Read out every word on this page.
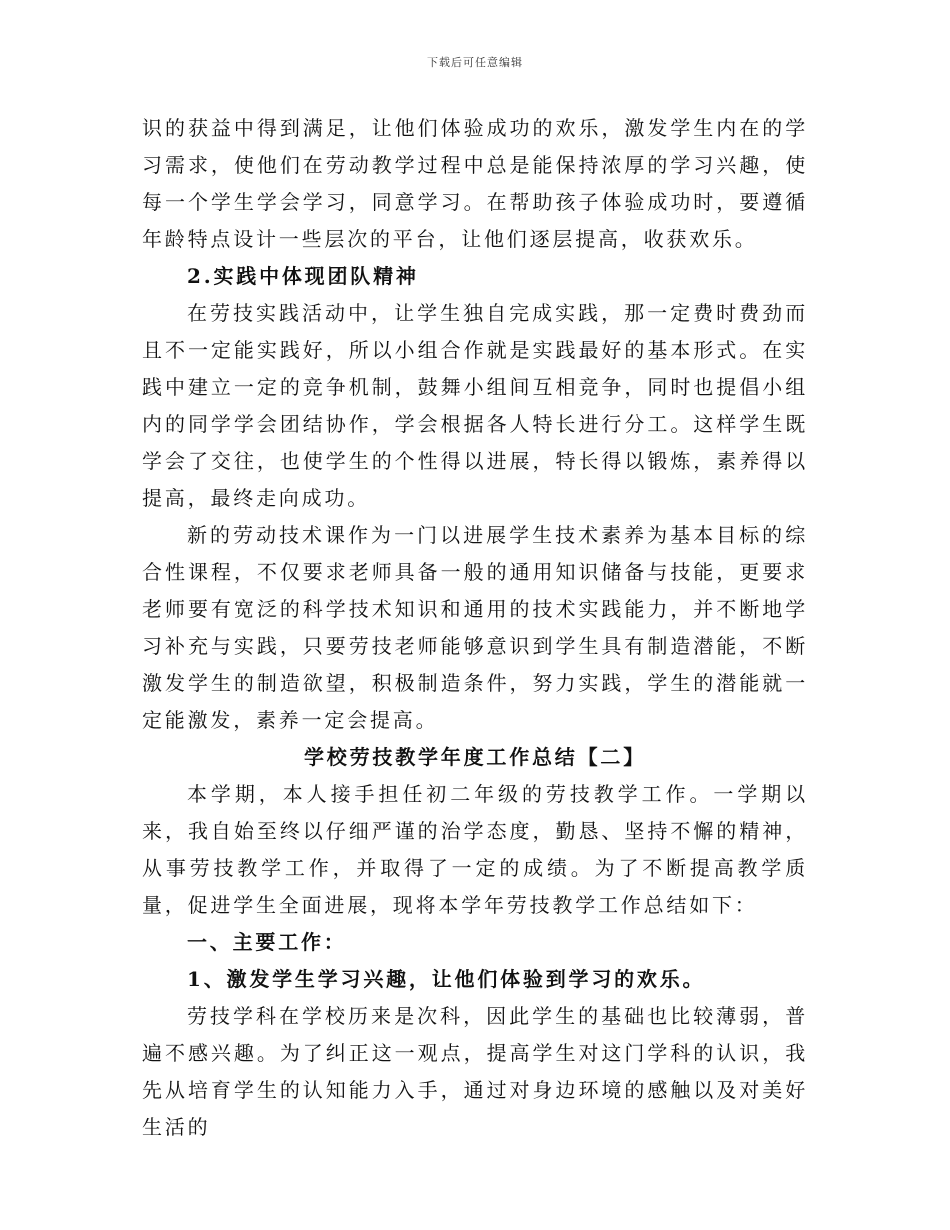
下载后可任意编辑

识的获益中得到满足，让他们体验成功的欢乐，激发学生内在的学习需求，使他们在劳动教学过程中总是能保持浓厚的学习兴趣，使每一个学生学会学习，同意学习。在帮助孩子体验成功时，要遵循年龄特点设计一些层次的平台，让他们逐层提高，收获欢乐。

2.实践中体现团队精神

在劳技实践活动中，让学生独自完成实践，那一定费时费劲而且不一定能实践好，所以小组合作就是实践最好的基本形式。在实践中建立一定的竞争机制，鼓舞小组间互相竞争，同时也提倡小组内的同学学会团结协作，学会根据各人特长进行分工。这样学生既学会了交往，也使学生的个性得以进展，特长得以锻炼，素养得以提高，最终走向成功。

新的劳动技术课作为一门以进展学生技术素养为基本目标的综合性课程，不仅要求老师具备一般的通用知识储备与技能，更要求老师要有宽泛的科学技术知识和通用的技术实践能力，并不断地学习补充与实践，只要劳技老师能够意识到学生具有制造潜能，不断激发学生的制造欲望，积极制造条件，努力实践，学生的潜能就一定能激发，素养一定会提高。

学校劳技教学年度工作总结【二】

本学期，本人接手担任初二年级的劳技教学工作。一学期以来，我自始至终以仔细严谨的治学态度，勤恳、坚持不懈的精神，从事劳技教学工作，并取得了一定的成绩。为了不断提高教学质量，促进学生全面进展，现将本学年劳技教学工作总结如下：

一、主要工作：

1、激发学生学习兴趣，让他们体验到学习的欢乐。

劳技学科在学校历来是次科，因此学生的基础也比较薄弱，普遍不感兴趣。为了纠正这一观点，提高学生对这门学科的认识，我先从培育学生的认知能力入手，通过对身边环境的感触以及对美好生活的
